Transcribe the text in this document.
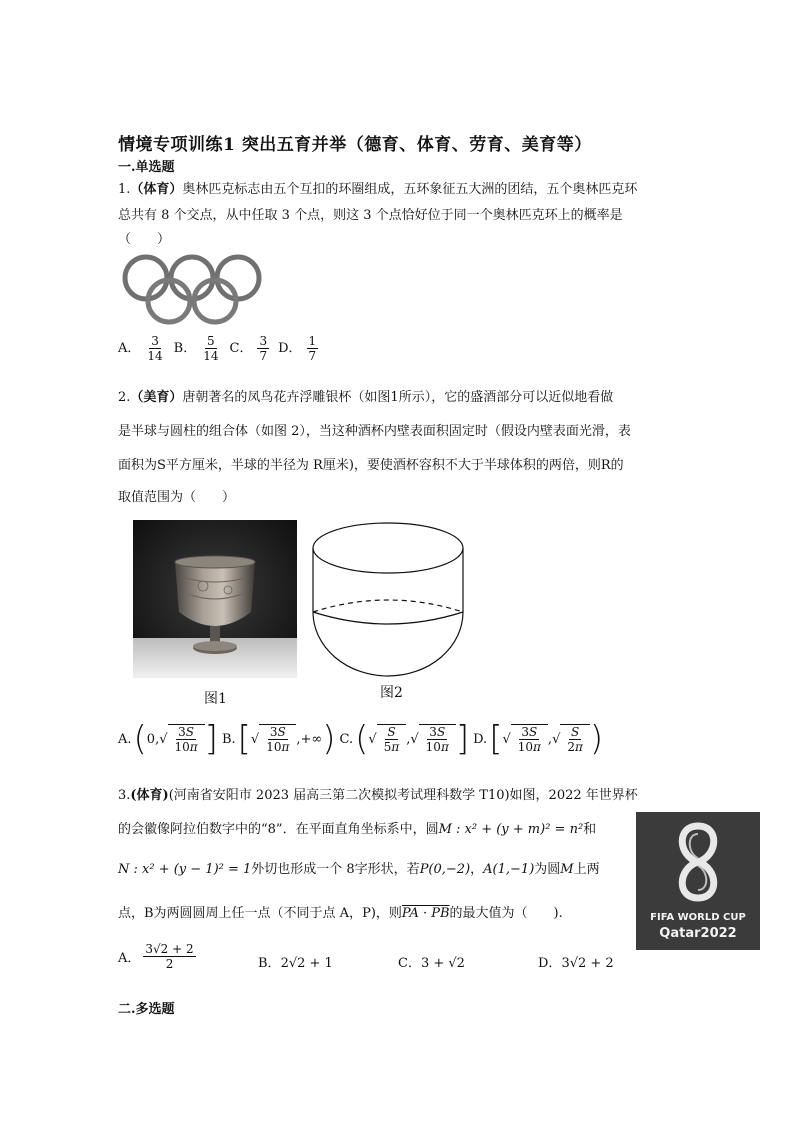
情境专项训练1 突出五育并举（德育、体育、劳育、美育等）
一.单选题
1.（体育）奥林匹克标志由五个互扣的环圈组成，五环象征五大洲的团结，五个奥林匹克环
总共有 8 个交点，从中任取 3 个点，则这 3 个点恰好位于同一个奥林匹克环上的概率是
（　　）
A． $\frac{3}{14}$ B． $\frac{5}{14}$ C． $\frac{3}{7}$ D． $\frac{1}{7}$
2.（美育）唐朝著名的凤鸟花卉浮雕银杯（如图1所示），它的盛酒部分可以近似地看做
是半球与圆柱的组合体（如图 2），当这种酒杯内壁表面积固定时（假设内壁表面光滑，表
面积为S平方厘米，半球的半径为 R厘米)，要使酒杯容积不大于半球体积的两倍，则R的
取值范围为（　　）
图1	图2
A. ( 0, √ $\frac{3S}{10\pi}$ ] B. [ √ $\frac{3S}{10\pi}$ , +∞ ) C. ( √ $\frac{S}{5\pi}$ , √ $\frac{3S}{10\pi}$ ] D. [ √ $\frac{3S}{10\pi}$ , √ $\frac{S}{2\pi}$ )
3.(体育)(河南省安阳市 2023 届高三第二次模拟考试理科数学 T10)如图，2022 年世界杯
的会徽像阿拉伯数字中的“8”．在平面直角坐标系中，圆M : x² + (y + m)² = n²和
N : x² + (y − 1)² = 1外切也形成一个 8字形状，若P(0,−2)，A(1,−1)为圆M上两
点，B为两圆圆周上任一点（不同于点 A，P)，则PA · PB的最大值为（　　).	FIFA WORLD CUP
Qatar2022
A． $\frac{3√2 + 2}{2}$	B．2√2 + 1	C．3 + √2	D．3√2 + 2
二.多选题
